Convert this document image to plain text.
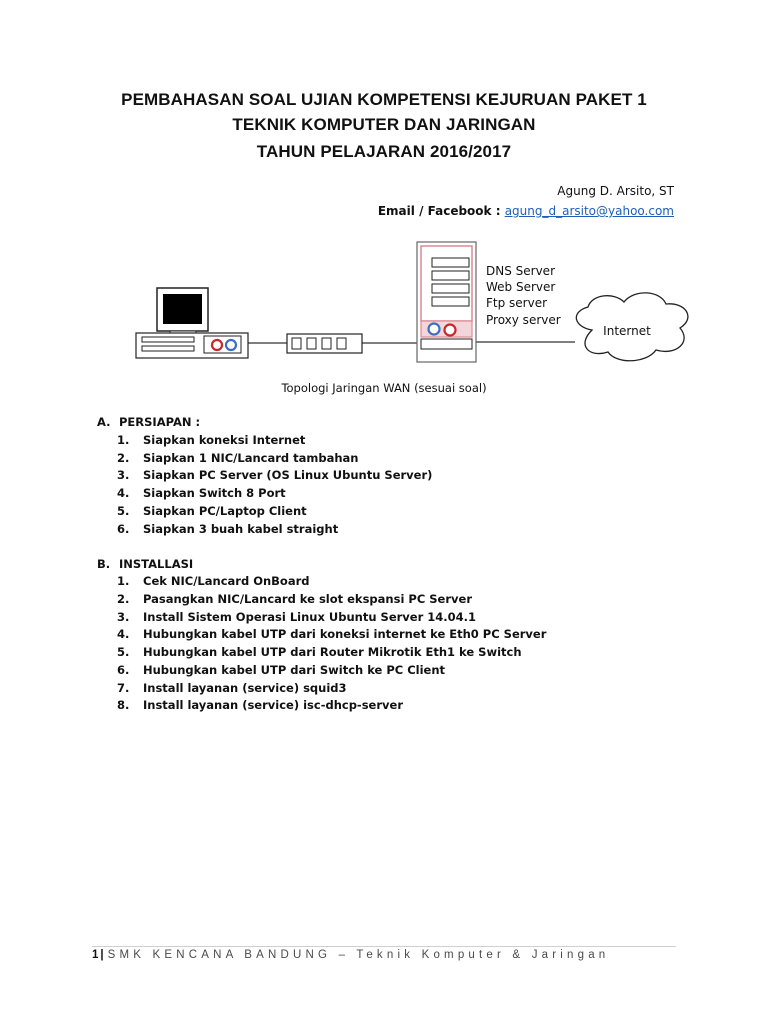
PEMBAHASAN SOAL UJIAN KOMPETENSI KEJURUAN PAKET 1
TEKNIK KOMPUTER DAN JARINGAN
TAHUN PELAJARAN 2016/2017
Agung D. Arsito, ST
Email / Facebook : agung_d_arsito@yahoo.com
DNS Server
Web Server
Ftp server
Proxy server
Internet
Topologi Jaringan WAN (sesuai soal)
A. PERSIAPAN :
1. Siapkan koneksi Internet
2. Siapkan 1 NIC/Lancard tambahan
3. Siapkan PC Server (OS Linux Ubuntu Server)
4. Siapkan Switch 8 Port
5. Siapkan PC/Laptop Client
6. Siapkan 3 buah kabel straight
B. INSTALLASI
1. Cek NIC/Lancard OnBoard
2. Pasangkan NIC/Lancard ke slot ekspansi PC Server
3. Install Sistem Operasi Linux Ubuntu Server 14.04.1
4. Hubungkan kabel UTP dari koneksi internet ke Eth0 PC Server
5. Hubungkan kabel UTP dari Router Mikrotik Eth1 ke Switch
6. Hubungkan kabel UTP dari Switch ke PC Client
7. Install layanan (service) squid3
8. Install layanan (service) isc-dhcp-server
1 | SMK KENCANA BANDUNG – Teknik Komputer & Jaringan
